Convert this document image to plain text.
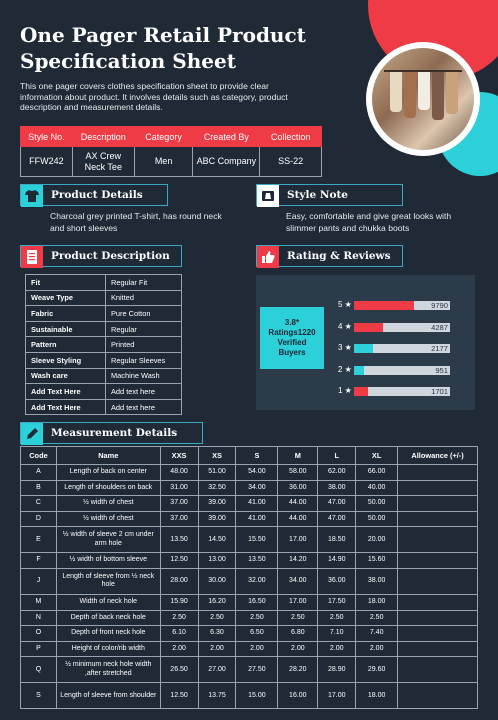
One Pager Retail Product Specification Sheet

This one pager covers clothes specification sheet to provide clear information about product. It involves details such as category, product description and measurement details.

Style No.	Description	Category	Created By	Collection
FFW242	AX Crew Neck Tee	Men	ABC Company	SS-22
Product Details

Charcoal grey printed T-shirt, has round neck and short sleeves

Style Note

Easy, comfortable and give great looks with slimmer pants and chukka boots

Product Description
Fit	Regular Fit
Weave Type	Knitted
Fabric	Pure Cotton
Sustainable	Regular
Pattern	Printed
Sleeve Styling	Regular Sleeves
Wash care	Machine Wash
Add Text Here	Add text here
Add Text Here	Add text here
Rating & Reviews
3.8* Ratings1220 Verified Buyers
5 ★	9790
4 ★	4287
3 ★	2177
2 ★	951
1 ★	1701
Measurement Details
Code	Name	XXS	XS	S	M	L	XL	Allowance (+/-)
A	Length of back on center	48.00	51.00	54.00	58.00	62.00	66.00	
B	Length of shoulders on back	31.00	32.50	34.00	36.00	38.00	40.00	
C	½ width of chest	37.00	39.00	41.00	44.00	47.00	50.00	
D	½ width of chest	37.00	39.00	41.00	44.00	47.00	50.00	
E	½ width of sleeve 2 cm under arm hole	13.50	14.50	15.50	17.00	18.50	20.00	
F	½ width of bottom sleeve	12.50	13.00	13.50	14.20	14.90	15.60	
J	Length of sleeve from ½ neck hole	28.00	30.00	32.00	34.00	36.00	38.00	
M	Width of neck hole	15.90	16.20	16.50	17.00	17.50	18.00	
N	Depth of back neck hole	2.50	2.50	2.50	2.50	2.50	2.50	
O	Depth of front neck hole	6.10	6.30	6.50	6.80	7.10	7.40	
P	Height of color/rib width	2.00	2.00	2.00	2.00	2.00	2.00	
Q	½ minimum neck hole width ,after stretched	26.50	27.00	27.50	28.20	28.90	29.60	
S	Length of sleeve from shoulder	12.50	13.75	15.00	16.00	17.00	18.00	
